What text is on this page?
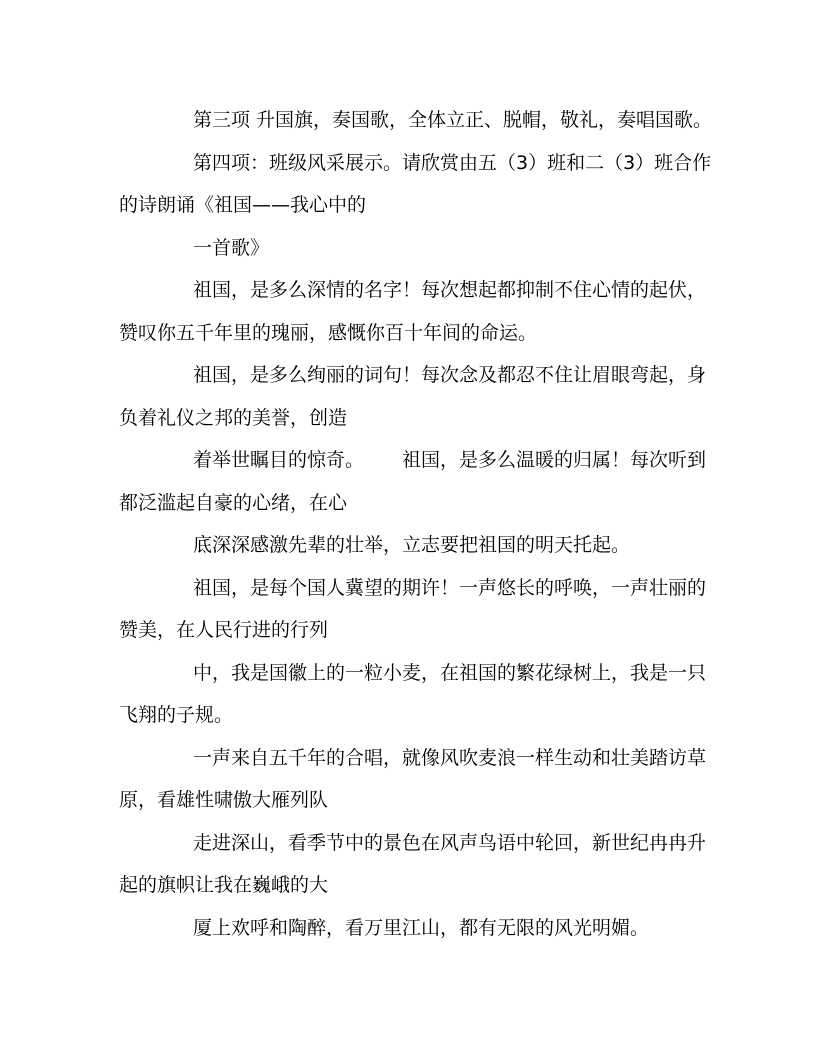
第三项 升国旗，奏国歌，全体立正、脱帽，敬礼，奏唱国歌。
第四项：班级风采展示。请欣赏由五（3）班和二（3）班合作
的诗朗诵《祖国——我心中的
一首歌》
祖国，是多么深情的名字！每次想起都抑制不住心情的起伏，
赞叹你五千年里的瑰丽，感慨你百十年间的命运。
祖国，是多么绚丽的词句！每次念及都忍不住让眉眼弯起，身
负着礼仪之邦的美誉，创造
着举世瞩目的惊奇。 祖国，是多么温暖的归属！每次听到
都泛滥起自豪的心绪，在心
底深深感激先辈的壮举，立志要把祖国的明天托起。
祖国，是每个国人冀望的期许！一声悠长的呼唤，一声壮丽的
赞美，在人民行进的行列
中，我是国徽上的一粒小麦，在祖国的繁花绿树上，我是一只
飞翔的子规。
一声来自五千年的合唱，就像风吹麦浪一样生动和壮美踏访草
原，看雄性啸傲大雁列队
走进深山，看季节中的景色在风声鸟语中轮回，新世纪冉冉升
起的旗帜让我在巍峨的大
厦上欢呼和陶醉，看万里江山，都有无限的风光明媚。
